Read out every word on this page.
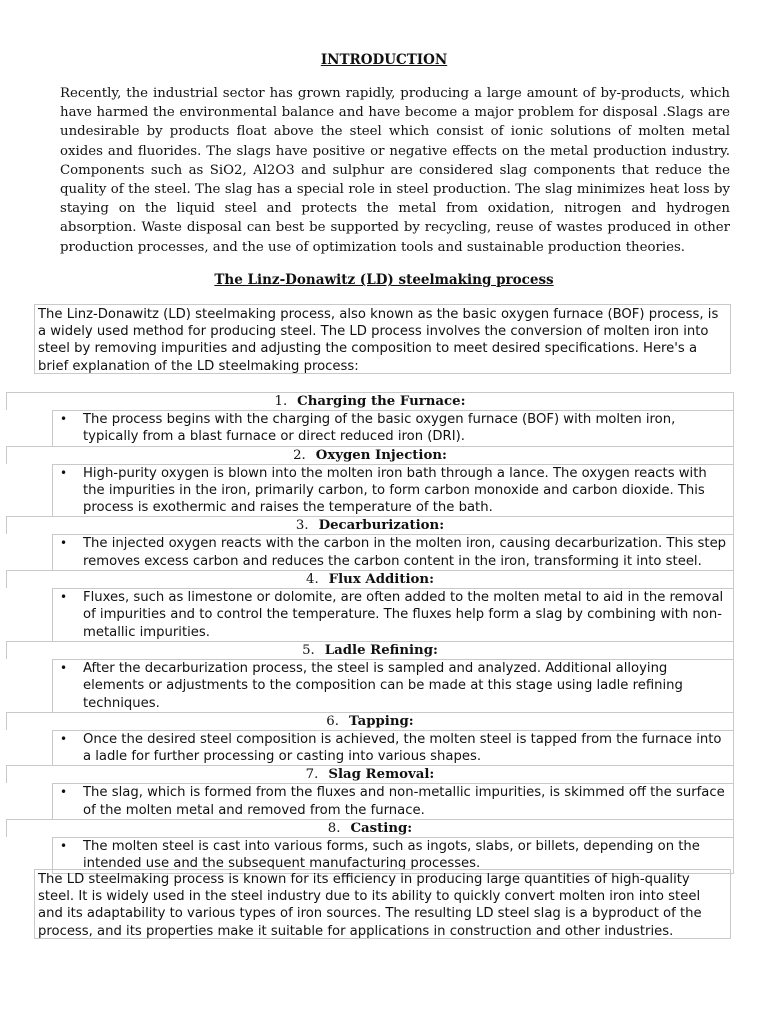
INTRODUCTION
Recently, the industrial sector has grown rapidly, producing a large amount of by-products, which have harmed the environmental balance and have become a major problem for disposal .Slags are undesirable by products float above the steel which consist of ionic solutions of molten metal oxides and fluorides. The slags have positive or negative effects on the metal production industry. Components such as SiO2, Al2O3 and sulphur are considered slag components that reduce the quality of the steel. The slag has a special role in steel production. The slag minimizes heat loss by staying on the liquid steel and protects the metal from oxidation, nitrogen and hydrogen absorption. Waste disposal can best be supported by recycling, reuse of wastes produced in other production processes, and the use of optimization tools and sustainable production theories.
The Linz-Donawitz (LD) steelmaking process
The Linz-Donawitz (LD) steelmaking process, also known as the basic oxygen furnace (BOF) process, is a widely used method for producing steel. The LD process involves the conversion of molten iron into steel by removing impurities and adjusting the composition to meet desired specifications. Here's a brief explanation of the LD steelmaking process:
1. Charging the Furnace:
• The process begins with the charging of the basic oxygen furnace (BOF) with molten iron, typically from a blast furnace or direct reduced iron (DRI).
2. Oxygen Injection:
• High-purity oxygen is blown into the molten iron bath through a lance. The oxygen reacts with the impurities in the iron, primarily carbon, to form carbon monoxide and carbon dioxide. This process is exothermic and raises the temperature of the bath.
3. Decarburization:
• The injected oxygen reacts with the carbon in the molten iron, causing decarburization. This step removes excess carbon and reduces the carbon content in the iron, transforming it into steel.
4. Flux Addition:
• Fluxes, such as limestone or dolomite, are often added to the molten metal to aid in the removal of impurities and to control the temperature. The fluxes help form a slag by combining with non-metallic impurities.
5. Ladle Refining:
• After the decarburization process, the steel is sampled and analyzed. Additional alloying elements or adjustments to the composition can be made at this stage using ladle refining techniques.
6. Tapping:
• Once the desired steel composition is achieved, the molten steel is tapped from the furnace into a ladle for further processing or casting into various shapes.
7. Slag Removal:
• The slag, which is formed from the fluxes and non-metallic impurities, is skimmed off the surface of the molten metal and removed from the furnace.
8. Casting:
• The molten steel is cast into various forms, such as ingots, slabs, or billets, depending on the intended use and the subsequent manufacturing processes.
The LD steelmaking process is known for its efficiency in producing large quantities of high-quality steel. It is widely used in the steel industry due to its ability to quickly convert molten iron into steel and its adaptability to various types of iron sources. The resulting LD steel slag is a byproduct of the process, and its properties make it suitable for applications in construction and other industries.
